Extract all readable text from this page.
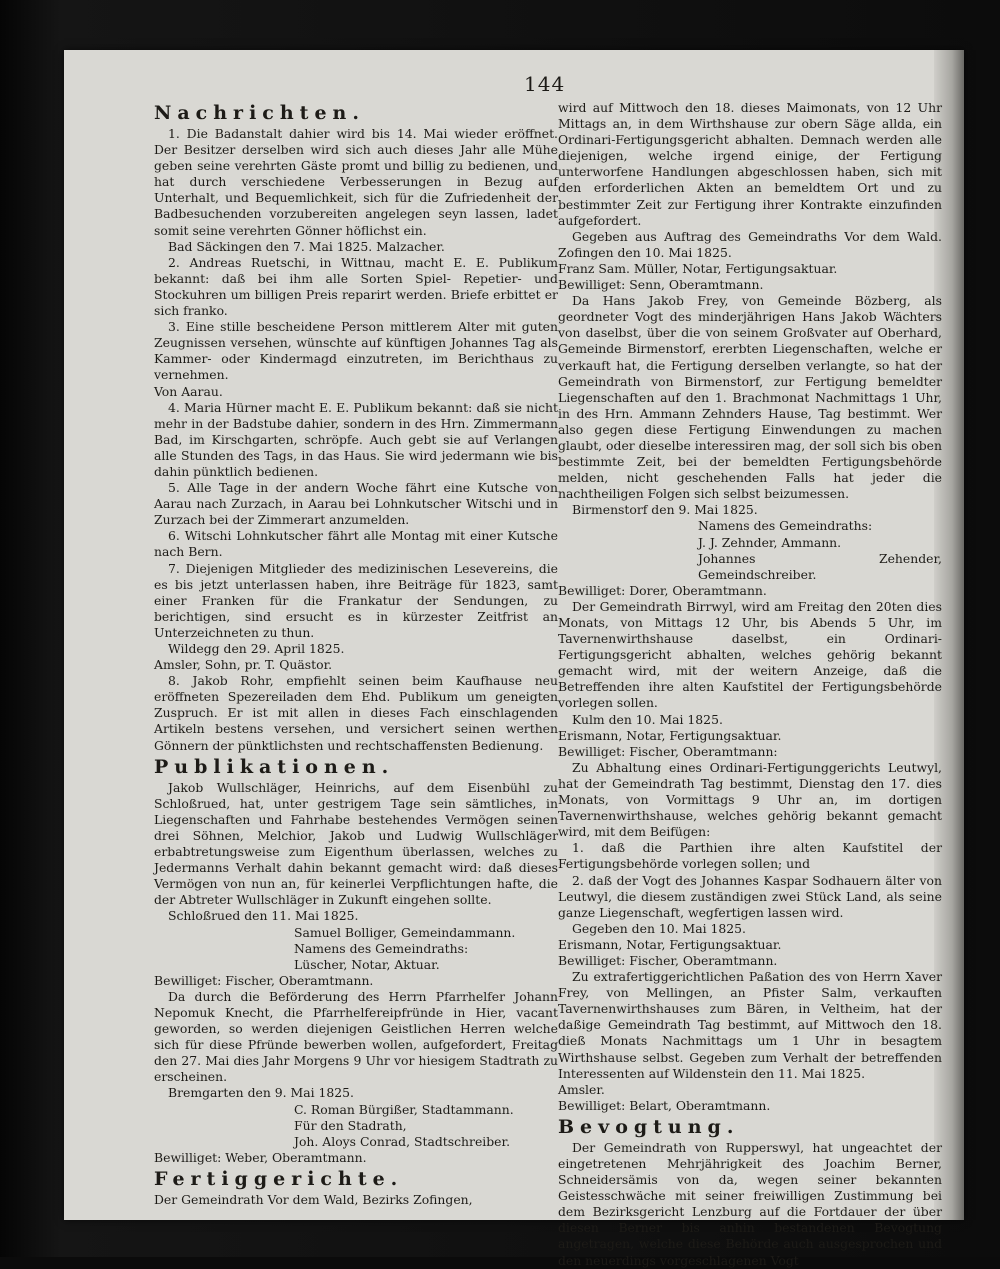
144

Nachrichten.

1. Die Badanstalt dahier wird bis 14. Mai wieder eröffnet. Der Besitzer derselben wird sich auch dieses Jahr alle Mühe geben seine verehrten Gäste promt und billig zu bedienen, und hat durch verschiedene Verbesserungen in Bezug auf Unterhalt, und Bequemlichkeit, sich für die Zufriedenheit der Badbesuchenden vorzubereiten angelegen seyn lassen, ladet somit seine verehrten Gönner höflichst ein.

Bad Säckingen den 7. Mai 1825. Malzacher.

2. Andreas Ruetschi, in Wittnau, macht E. E. Publikum bekannt: daß bei ihm alle Sorten Spiel- Repetier- und Stockuhren um billigen Preis reparirt werden. Briefe erbittet er sich franko.

3. Eine stille bescheidene Person mittlerem Alter mit guten Zeugnissen versehen, wünschte auf künftigen Johannes Tag als Kammer- oder Kindermagd einzutreten, im Berichthaus zu vernehmen.

Von Aarau.

4. Maria Hürner macht E. E. Publikum bekannt: daß sie nicht mehr in der Badstube dahier, sondern in des Hrn. Zimmermann Bad, im Kirschgarten, schröpfe. Auch gebt sie auf Verlangen alle Stunden des Tags, in das Haus. Sie wird jedermann wie bis dahin pünktlich bedienen.

5. Alle Tage in der andern Woche fährt eine Kutsche von Aarau nach Zurzach, in Aarau bei Lohnkutscher Witschi und in Zurzach bei der Zimmerart anzumelden.

6. Witschi Lohnkutscher fährt alle Montag mit einer Kutsche nach Bern.

7. Diejenigen Mitglieder des medizinischen Lesevereins, die es bis jetzt unterlassen haben, ihre Beiträge für 1823, samt einer Franken für die Frankatur der Sendungen, zu berichtigen, sind ersucht es in kürzester Zeitfrist an Unterzeichneten zu thun.

Wildegg den 29. April 1825.

Amsler, Sohn, pr. T. Quästor.

8. Jakob Rohr, empfiehlt seinen beim Kaufhause neu eröffneten Spezereiladen dem Ehd. Publikum um geneigten Zuspruch. Er ist mit allen in dieses Fach einschlagenden Artikeln bestens versehen, und versichert seinen werthen Gönnern der pünktlichsten und rechtschaffensten Bedienung.

Publikationen.

Jakob Wullschläger, Heinrichs, auf dem Eisenbühl zu Schloßrued, hat, unter gestrigem Tage sein sämtliches, in Liegenschaften und Fahrhabe bestehendes Vermögen seinen drei Söhnen, Melchior, Jakob und Ludwig Wullschläger erbabtretungsweise zum Eigenthum überlassen, welches zu Jedermanns Verhalt dahin bekannt gemacht wird: daß dieses Vermögen von nun an, für keinerlei Verpflichtungen hafte, die der Abtreter Wullschläger in Zukunft eingehen sollte.

Schloßrued den 11. Mai 1825.

Samuel Bolliger, Gemeindammann.

Namens des Gemeindraths:

Lüscher, Notar, Aktuar.

Bewilliget: Fischer, Oberamtmann.

Da durch die Beförderung des Herrn Pfarrhelfer Johann Nepomuk Knecht, die Pfarrhelfereipfründe in Hier, vacant geworden, so werden diejenigen Geistlichen Herren welche sich für diese Pfründe bewerben wollen, aufgefordert, Freitag den 27. Mai dies Jahr Morgens 9 Uhr vor hiesigem Stadtrath zu erscheinen.

Bremgarten den 9. Mai 1825.

C. Roman Bürgißer, Stadtammann.

Für den Stadrath,

Joh. Aloys Conrad, Stadtschreiber.

Bewilliget: Weber, Oberamtmann.

Fertiggerichte.

Der Gemeindrath Vor dem Wald, Bezirks Zofingen,

wird auf Mittwoch den 18. dieses Maimonats, von 12 Uhr Mittags an, in dem Wirthshause zur obern Säge allda, ein Ordinari-Fertigungsgericht abhalten. Demnach werden alle diejenigen, welche irgend einige, der Fertigung unterworfene Handlungen abgeschlossen haben, sich mit den erforderlichen Akten an bemeldtem Ort und zu bestimmter Zeit zur Fertigung ihrer Kontrakte einzufinden aufgefordert.

Gegeben aus Auftrag des Gemeindraths Vor dem Wald. Zofingen den 10. Mai 1825.

Franz Sam. Müller, Notar, Fertigungsaktuar.

Bewilliget: Senn, Oberamtmann.

Da Hans Jakob Frey, von Gemeinde Bözberg, als geordneter Vogt des minderjährigen Hans Jakob Wächters von daselbst, über die von seinem Großvater auf Oberhard, Gemeinde Birmenstorf, ererbten Liegenschaften, welche er verkauft hat, die Fertigung derselben verlangte, so hat der Gemeindrath von Birmenstorf, zur Fertigung bemeldter Liegenschaften auf den 1. Brachmonat Nachmittags 1 Uhr, in des Hrn. Ammann Zehnders Hause, Tag bestimmt. Wer also gegen diese Fertigung Einwendungen zu machen glaubt, oder dieselbe interessiren mag, der soll sich bis oben bestimmte Zeit, bei der bemeldten Fertigungsbehörde melden, nicht geschehenden Falls hat jeder die nachtheiligen Folgen sich selbst beizumessen.

Birmenstorf den 9. Mai 1825.

Namens des Gemeindraths:

J. J. Zehnder, Ammann.

Johannes Zehender, Gemeindschreiber.

Bewilliget: Dorer, Oberamtmann.

Der Gemeindrath Birrwyl, wird am Freitag den 20ten dies Monats, von Mittags 12 Uhr, bis Abends 5 Uhr, im Tavernenwirthshause daselbst, ein Ordinari-Fertigungsgericht abhalten, welches gehörig bekannt gemacht wird, mit der weitern Anzeige, daß die Betreffenden ihre alten Kaufstitel der Fertigungsbehörde vorlegen sollen.

Kulm den 10. Mai 1825.

Erismann, Notar, Fertigungsaktuar.

Bewilliget: Fischer, Oberamtmann:

Zu Abhaltung eines Ordinari-Fertigunggerichts Leutwyl, hat der Gemeindrath Tag bestimmt, Dienstag den 17. dies Monats, von Vormittags 9 Uhr an, im dortigen Tavernenwirthshause, welches gehörig bekannt gemacht wird, mit dem Beifügen:

1. daß die Parthien ihre alten Kaufstitel der Fertigungsbehörde vorlegen sollen; und

2. daß der Vogt des Johannes Kaspar Sodhauern älter von Leutwyl, die diesem zuständigen zwei Stück Land, als seine ganze Liegenschaft, wegfertigen lassen wird.

Gegeben den 10. Mai 1825.

Erismann, Notar, Fertigungsaktuar.

Bewilliget: Fischer, Oberamtmann.

Zu extrafertiggerichtlichen Paßation des von Herrn Xaver Frey, von Mellingen, an Pfister Salm, verkauften Tavernenwirthshauses zum Bären, in Veltheim, hat der daßige Gemeindrath Tag bestimmt, auf Mittwoch den 18. dieß Monats Nachmittags um 1 Uhr in besagtem Wirthshause selbst. Gegeben zum Verhalt der betreffenden Interessenten auf Wildenstein den 11. Mai 1825.

Amsler.

Bewilliget: Belart, Oberamtmann.

Bevogtung.

Der Gemeindrath von Rupperswyl, hat ungeachtet der eingetretenen Mehrjährigkeit des Joachim Berner, Schneidersämis von da, wegen seiner bekannten Geistesschwäche mit seiner freiwilligen Zustimmung bei dem Bezirksgericht Lenzburg auf die Fortdauer der über diesen Berner bis anhin bestandenen Bevogtung angetragen, welche diese Behörde auch ausgesprochen und den neuerdings vorgeschlagenen Vogt
